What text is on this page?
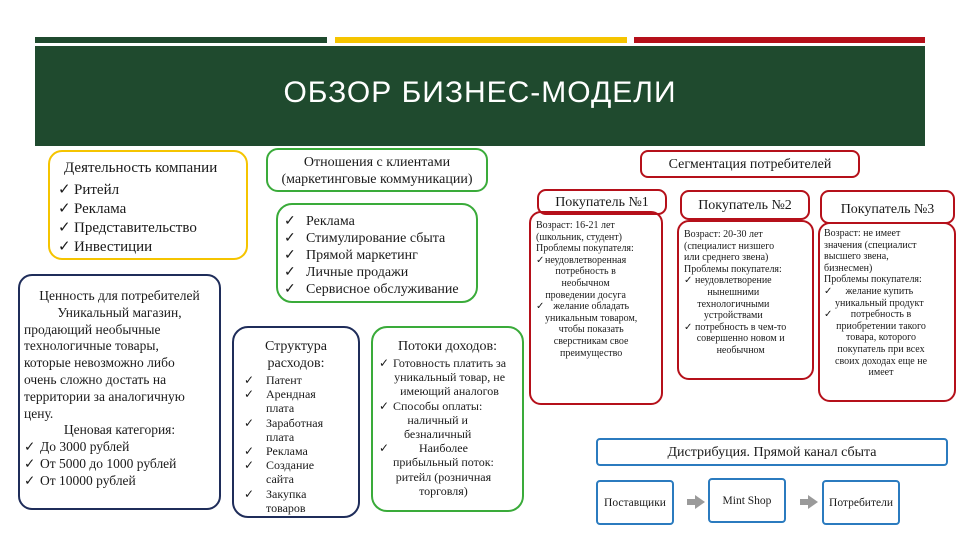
ОБЗОР БИЗНЕС-МОДЕЛИ
Деятельность компании
✓ Ритейл
✓ Реклама
✓ Представительство
✓ Инвестиции
Ценность для потребителей
Уникальный магазин,
продающий необычные
технологичные товары,
которые невозможно либо
очень сложно достать на
территории за аналогичную
цену.
Ценовая категория:
✓ До 3000 рублей
✓ От 5000 до 1000 рублей
✓ От 10000 рублей
Отношения с клиентами
(маркетинговые коммуникации)
✓ Реклама
✓ Стимулирование сбыта
✓ Прямой маркетинг
✓ Личные продажи
✓ Сервисное обслуживание
Структура
расходов:
✓ Патент
✓ Арендная
плата
✓ Заработная
плата
✓ Реклама
✓ Создание
сайта
✓ Закупка
товаров
Потоки доходов:
✓ Готовность платить за
уникальный товар, не
имеющий аналогов
✓ Способы оплаты:
наличный и
безналичный
✓	Наиболее
прибыльный поток:
ритейл (розничная
торговля)
Сегментация потребителей
Покупатель №1
Возраст: 16-21 лет
(школьник, студент)
Проблемы покупателя:
✓ неудовлетворенная
потребность в
необычном
проведении досуга
✓ желание обладать
уникальным товаром,
чтобы показать
сверстникам свое
преимущество
Покупатель №2
Возраст: 20-30 лет
(специалист низшего
или среднего звена)
Проблемы покупателя:
✓ неудовлетворение
нынешними
технологичными
устройствами
✓ потребность в чем-то
совершенно новом и
необычном
Покупатель №3
Возраст: не имеет
значения (специалист
высшего звена,
бизнесмен)
Проблемы покупателя:
✓	желание купить
уникальный продукт
✓	потребность в
приобретении такого
товара, которого
покупатель при всех
своих доходах еще не
имеет
Дистрибуция. Прямой канал сбыта
Поставщики	Mint Shop	Потребители
